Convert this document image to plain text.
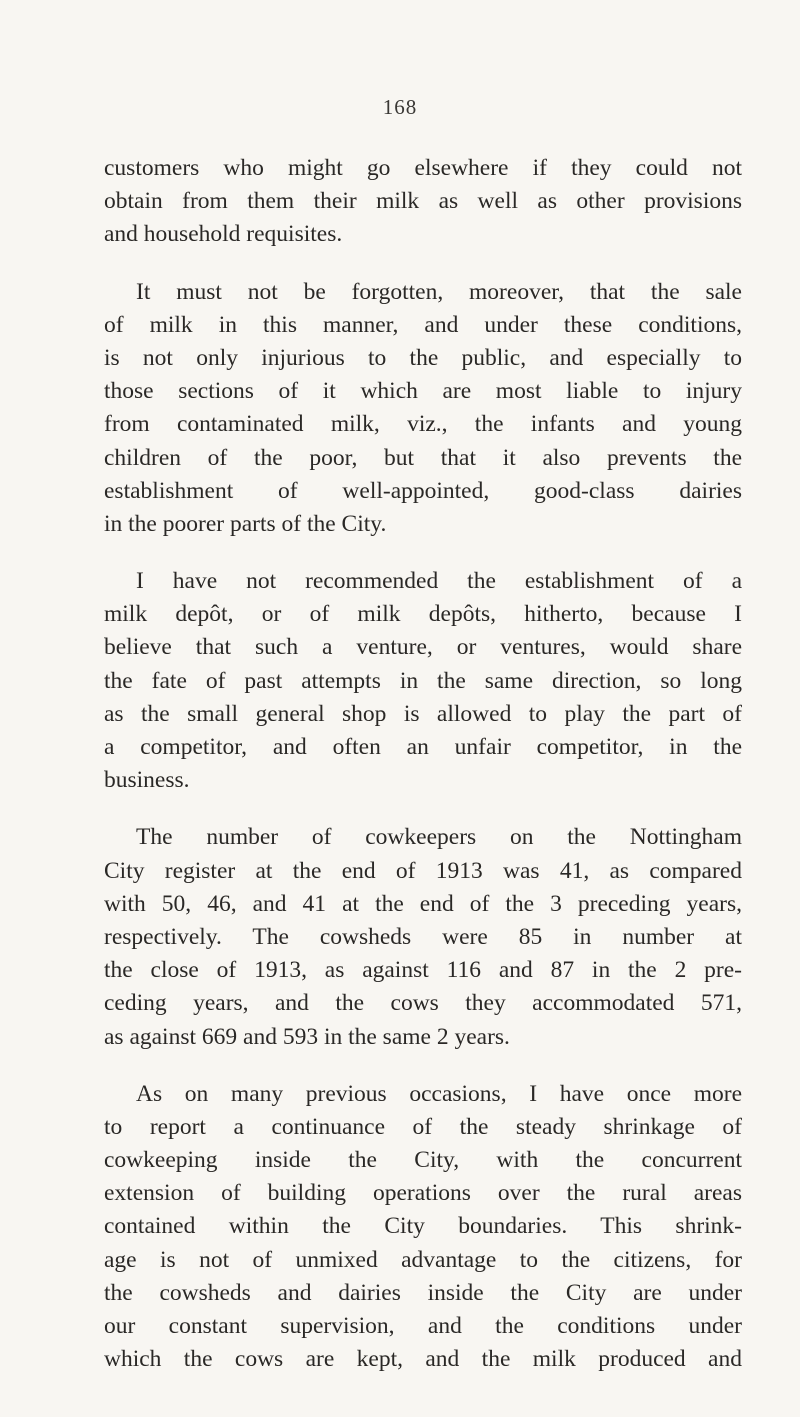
168
customers who might go elsewhere if they could not
obtain from them their milk as well as other provisions
and household requisites.
It must not be forgotten, moreover, that the sale
of milk in this manner, and under these conditions,
is not only injurious to the public, and especially to
those sections of it which are most liable to injury
from contaminated milk, viz., the infants and young
children of the poor, but that it also prevents the
establishment of well-appointed, good-class dairies
in the poorer parts of the City.
I have not recommended the establishment of a
milk depôt, or of milk depôts, hitherto, because I
believe that such a venture, or ventures, would share
the fate of past attempts in the same direction, so long
as the small general shop is allowed to play the part of
a competitor, and often an unfair competitor, in the
business.
The number of cowkeepers on the Nottingham
City register at the end of 1913 was 41, as compared
with 50, 46, and 41 at the end of the 3 preceding years,
respectively. The cowsheds were 85 in number at
the close of 1913, as against 116 and 87 in the 2 pre-
ceding years, and the cows they accommodated 571,
as against 669 and 593 in the same 2 years.
As on many previous occasions, I have once more
to report a continuance of the steady shrinkage of
cowkeeping inside the City, with the concurrent
extension of building operations over the rural areas
contained within the City boundaries. This shrink-
age is not of unmixed advantage to the citizens, for
the cowsheds and dairies inside the City are under
our constant supervision, and the conditions under
which the cows are kept, and the milk produced and
